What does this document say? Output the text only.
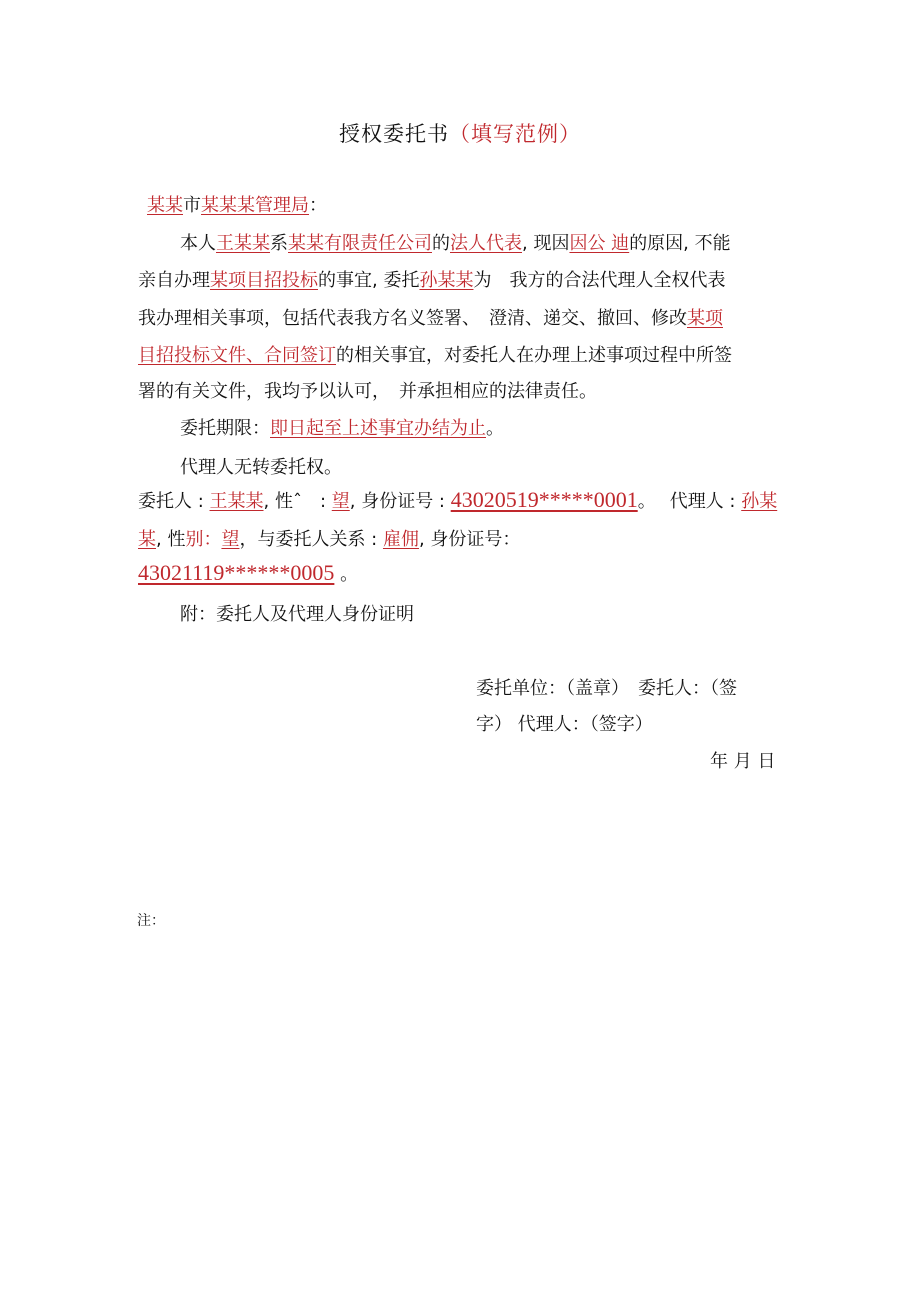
授权委托书（填写范例）
某某市某某某管理局：
本人王某某系某某有限责任公司的法人代表, 现因因公 迪的原因, 不能
亲自办理某项目招投标的事宜, 委托孙某某为　我方的合法代理人全权代表
我办理相关事项，包括代表我方名义签署、　澄清、递交、撤回、修改某项
目招投标文件、合同签订的相关事宜，对委托人在办理上述事项过程中所签
署的有关文件，我均予以认可，　并承担相应的法律责任。
委托期限：即日起至上述事宜办结为止。
代理人无转委托权。
委托人 : 王某某, 性ˆ　: 望, 身份证号 : 43020519*****0001。 代理人 : 孙某
某, 性别：望，与委托人关系 : 雇佣, 身份证号：
43021119******0005 。
附：委托人及代理人身份证明
委托单位：（盖章）　委托人：（签
字） 代理人：（签字）
年 月 日
注：
